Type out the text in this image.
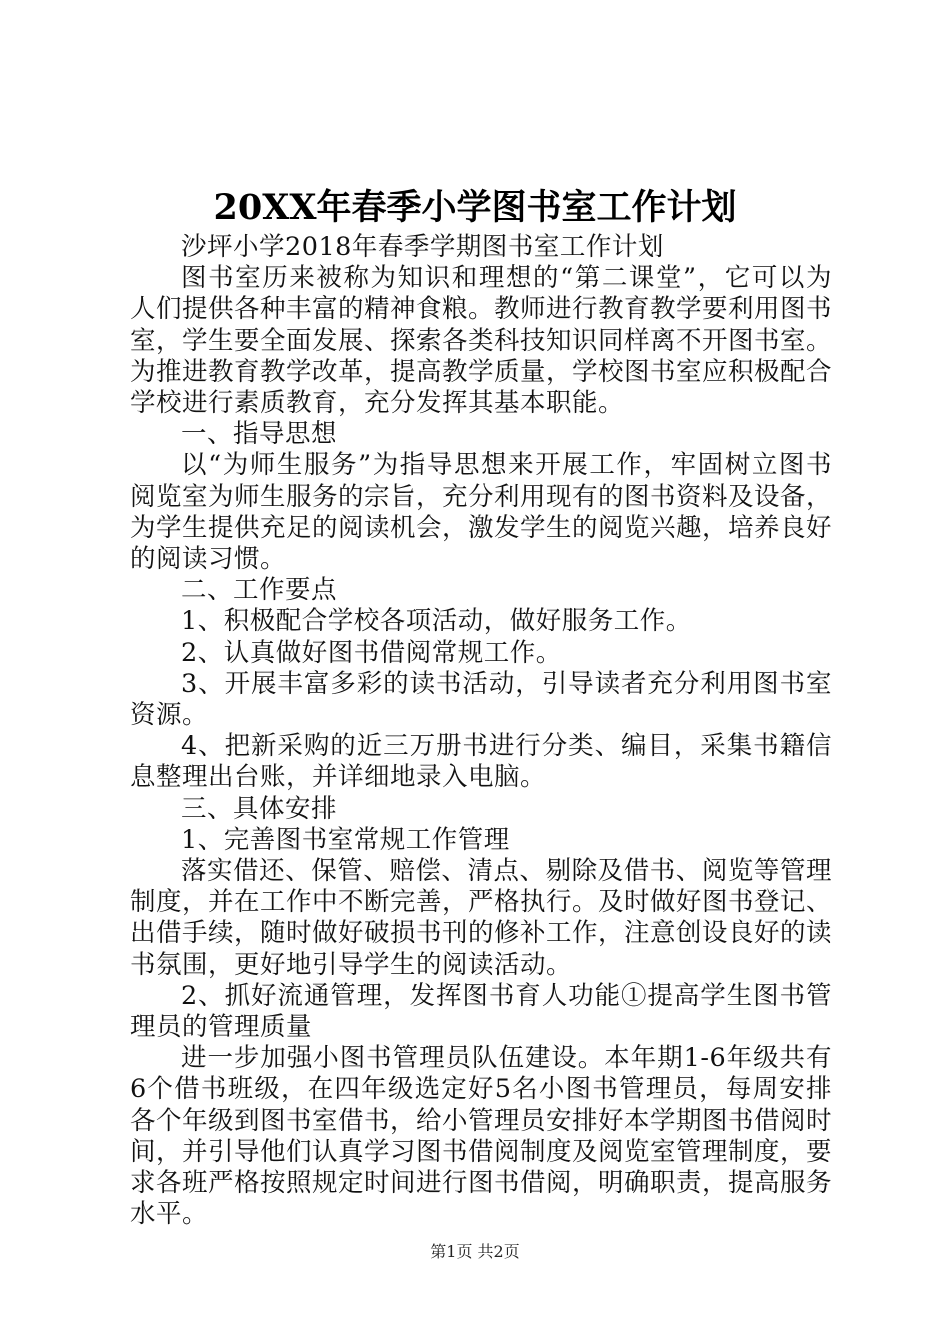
20XX年春季小学图书室工作计划

沙坪小学2018年春季学期图书室工作计划

图书室历来被称为知识和理想的“第二课堂”，它可以为人们提供各种丰富的精神食粮。教师进行教育教学要利用图书室，学生要全面发展、探索各类科技知识同样离不开图书室。为推进教育教学改革，提高教学质量，学校图书室应积极配合学校进行素质教育，充分发挥其基本职能。

一、指导思想

以“为师生服务”为指导思想来开展工作，牢固树立图书阅览室为师生服务的宗旨，充分利用现有的图书资料及设备，为学生提供充足的阅读机会，激发学生的阅览兴趣，培养良好的阅读习惯。

二、工作要点

1、积极配合学校各项活动，做好服务工作。

2、认真做好图书借阅常规工作。

3、开展丰富多彩的读书活动，引导读者充分利用图书室资源。

4、把新采购的近三万册书进行分类、编目，采集书籍信息整理出台账，并详细地录入电脑。

三、具体安排

1、完善图书室常规工作管理

落实借还、保管、赔偿、清点、剔除及借书、阅览等管理制度，并在工作中不断完善，严格执行。及时做好图书登记、出借手续，随时做好破损书刊的修补工作，注意创设良好的读书氛围，更好地引导学生的阅读活动。

2、抓好流通管理，发挥图书育人功能①提高学生图书管理员的管理质量

进一步加强小图书管理员队伍建设。本年期1-6年级共有6个借书班级，在四年级选定好5名小图书管理员，每周安排各个年级到图书室借书，给小管理员安排好本学期图书借阅时间，并引导他们认真学习图书借阅制度及阅览室管理制度，要求各班严格按照规定时间进行图书借阅，明确职责，提高服务水平。

第1页 共2页
